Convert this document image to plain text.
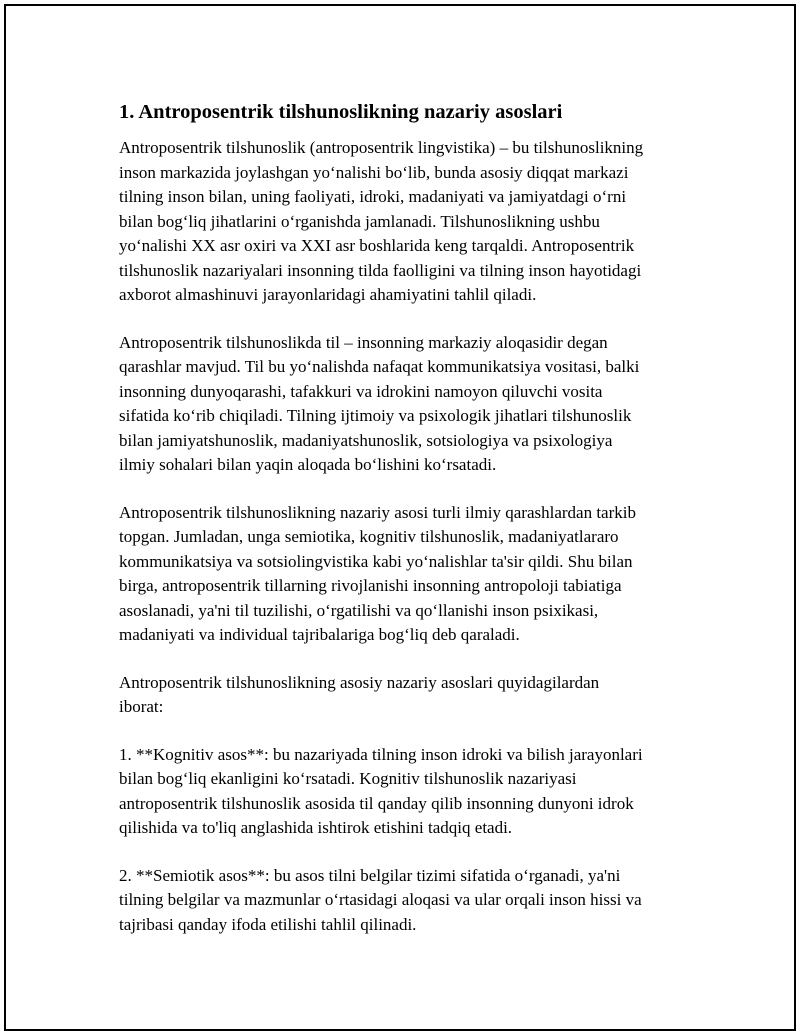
1. Antroposentrik tilshunoslikning nazariy asoslari

Antroposentrik tilshunoslik (antroposentrik lingvistika) – bu tilshunoslikning
inson markazida joylashgan yo‘nalishi bo‘lib, bunda asosiy diqqat markazi
tilning inson bilan, uning faoliyati, idroki, madaniyati va jamiyatdagi o‘rni
bilan bog‘liq jihatlarini o‘rganishda jamlanadi. Tilshunoslikning ushbu
yo‘nalishi XX asr oxiri va XXI asr boshlarida keng tarqaldi. Antroposentrik
tilshunoslik nazariyalari insonning tilda faolligini va tilning inson hayotidagi
axborot almashinuvi jarayonlaridagi ahamiyatini tahlil qiladi.

Antroposentrik tilshunoslikda til – insonning markaziy aloqasidir degan
qarashlar mavjud. Til bu yo‘nalishda nafaqat kommunikatsiya vositasi, balki
insonning dunyoqarashi, tafakkuri va idrokini namoyon qiluvchi vosita
sifatida ko‘rib chiqiladi. Tilning ijtimoiy va psixologik jihatlari tilshunoslik
bilan jamiyatshunoslik, madaniyatshunoslik, sotsiologiya va psixologiya
ilmiy sohalari bilan yaqin aloqada bo‘lishini ko‘rsatadi.

Antroposentrik tilshunoslikning nazariy asosi turli ilmiy qarashlardan tarkib
topgan. Jumladan, unga semiotika, kognitiv tilshunoslik, madaniyatlararo
kommunikatsiya va sotsiolingvistika kabi yo‘nalishlar ta'sir qildi. Shu bilan
birga, antroposentrik tillarning rivojlanishi insonning antropoloji tabiatiga
asoslanadi, ya'ni til tuzilishi, o‘rgatilishi va qo‘llanishi inson psixikasi,
madaniyati va individual tajribalariga bog‘liq deb qaraladi.

Antroposentrik tilshunoslikning asosiy nazariy asoslari quyidagilardan
iborat:

1. **Kognitiv asos**: bu nazariyada tilning inson idroki va bilish jarayonlari
bilan bog‘liq ekanligini ko‘rsatadi. Kognitiv tilshunoslik nazariyasi
antroposentrik tilshunoslik asosida til qanday qilib insonning dunyoni idrok
qilishida va to'liq anglashida ishtirok etishini tadqiq etadi.

2. **Semiotik asos**: bu asos tilni belgilar tizimi sifatida o‘rganadi, ya'ni
tilning belgilar va mazmunlar o‘rtasidagi aloqasi va ular orqali inson hissi va
tajribasi qanday ifoda etilishi tahlil qilinadi.
